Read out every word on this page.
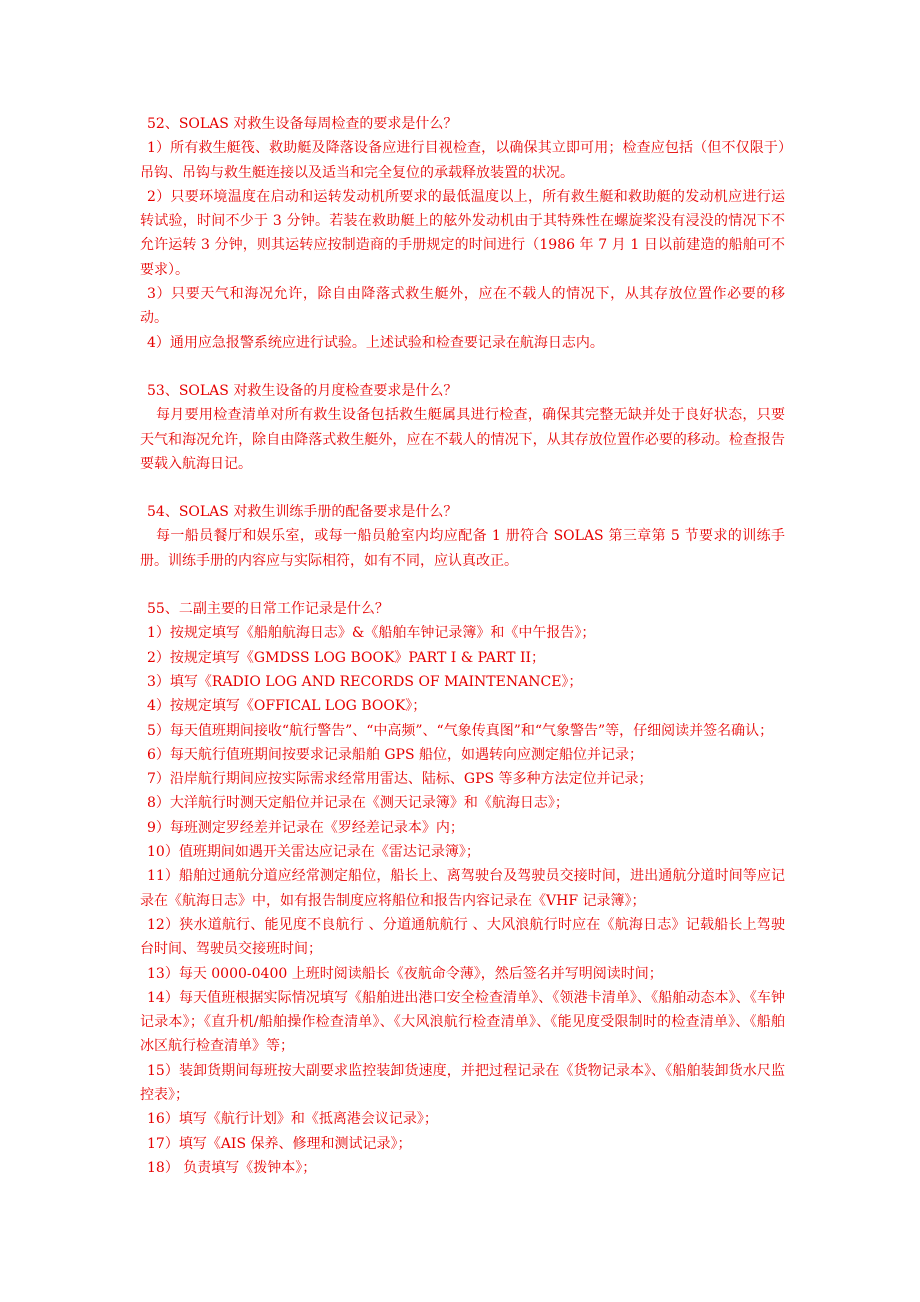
52、SOLAS 对救生设备每周检查的要求是什么？

1）所有救生艇筏、救助艇及降落设备应进行目视检查，以确保其立即可用；检查应包括（但不仅限于）吊钩、吊钩与救生艇连接以及适当和完全复位的承载释放装置的状况。

2）只要环境温度在启动和运转发动机所要求的最低温度以上，所有救生艇和救助艇的发动机应进行运转试验，时间不少于 3 分钟。若装在救助艇上的舷外发动机由于其特殊性在螺旋桨没有浸没的情况下不允许运转 3 分钟，则其运转应按制造商的手册规定的时间进行（1986 年 7 月 1 日以前建造的船舶可不要求）。

3）只要天气和海况允许，除自由降落式救生艇外，应在不载人的情况下，从其存放位置作必要的移动。

4）通用应急报警系统应进行试验。上述试验和检查要记录在航海日志内。

53、SOLAS 对救生设备的月度检查要求是什么？

每月要用检查清单对所有救生设备包括救生艇属具进行检查，确保其完整无缺并处于良好状态，只要天气和海况允许，除自由降落式救生艇外，应在不载人的情况下，从其存放位置作必要的移动。检查报告要载入航海日记。

54、SOLAS 对救生训练手册的配备要求是什么？

每一船员餐厅和娱乐室，或每一船员舱室内均应配备 1 册符合 SOLAS 第三章第 5 节要求的训练手册。训练手册的内容应与实际相符，如有不同，应认真改正。

55、二副主要的日常工作记录是什么？

1）按规定填写《船舶航海日志》&《船舶车钟记录簿》和《中午报告》；

2）按规定填写《GMDSS LOG BOOK》PART I & PART II；

3）填写《RADIO LOG AND RECORDS OF MAINTENANCE》；

4）按规定填写《OFFICAL LOG BOOK》；

5）每天值班期间接收“航行警告”、“中高频”、“气象传真图”和“气象警告”等，仔细阅读并签名确认；

6）每天航行值班期间按要求记录船舶 GPS 船位，如遇转向应测定船位并记录；

7）沿岸航行期间应按实际需求经常用雷达、陆标、GPS 等多种方法定位并记录；

8）大洋航行时测天定船位并记录在《测天记录簿》和《航海日志》；

9）每班测定罗经差并记录在《罗经差记录本》内；

10）值班期间如遇开关雷达应记录在《雷达记录簿》；

11）船舶过通航分道应经常测定船位，船长上、离驾驶台及驾驶员交接时间，进出通航分道时间等应记录在《航海日志》中，如有报告制度应将船位和报告内容记录在《VHF 记录簿》；

12）狭水道航行、能见度不良航行 、分道通航航行 、大风浪航行时应在《航海日志》记载船长上驾驶台时间、驾驶员交接班时间；

13）每天 0000-0400 上班时阅读船长《夜航命令薄》，然后签名并写明阅读时间；

14）每天值班根据实际情况填写《船舶进出港口安全检查清单》、《领港卡清单》、《船舶动态本》、《车钟记录本》；《直升机/船舶操作检查清单》、《大风浪航行检查清单》、《能见度受限制时的检查清单》、《船舶冰区航行检查清单》等；

15）装卸货期间每班按大副要求监控装卸货速度，并把过程记录在《货物记录本》、《船舶装卸货水尺监控表》；

16）填写《航行计划》和《抵离港会议记录》；

17）填写《AIS 保养、修理和测试记录》；

18） 负责填写《拨钟本》；
